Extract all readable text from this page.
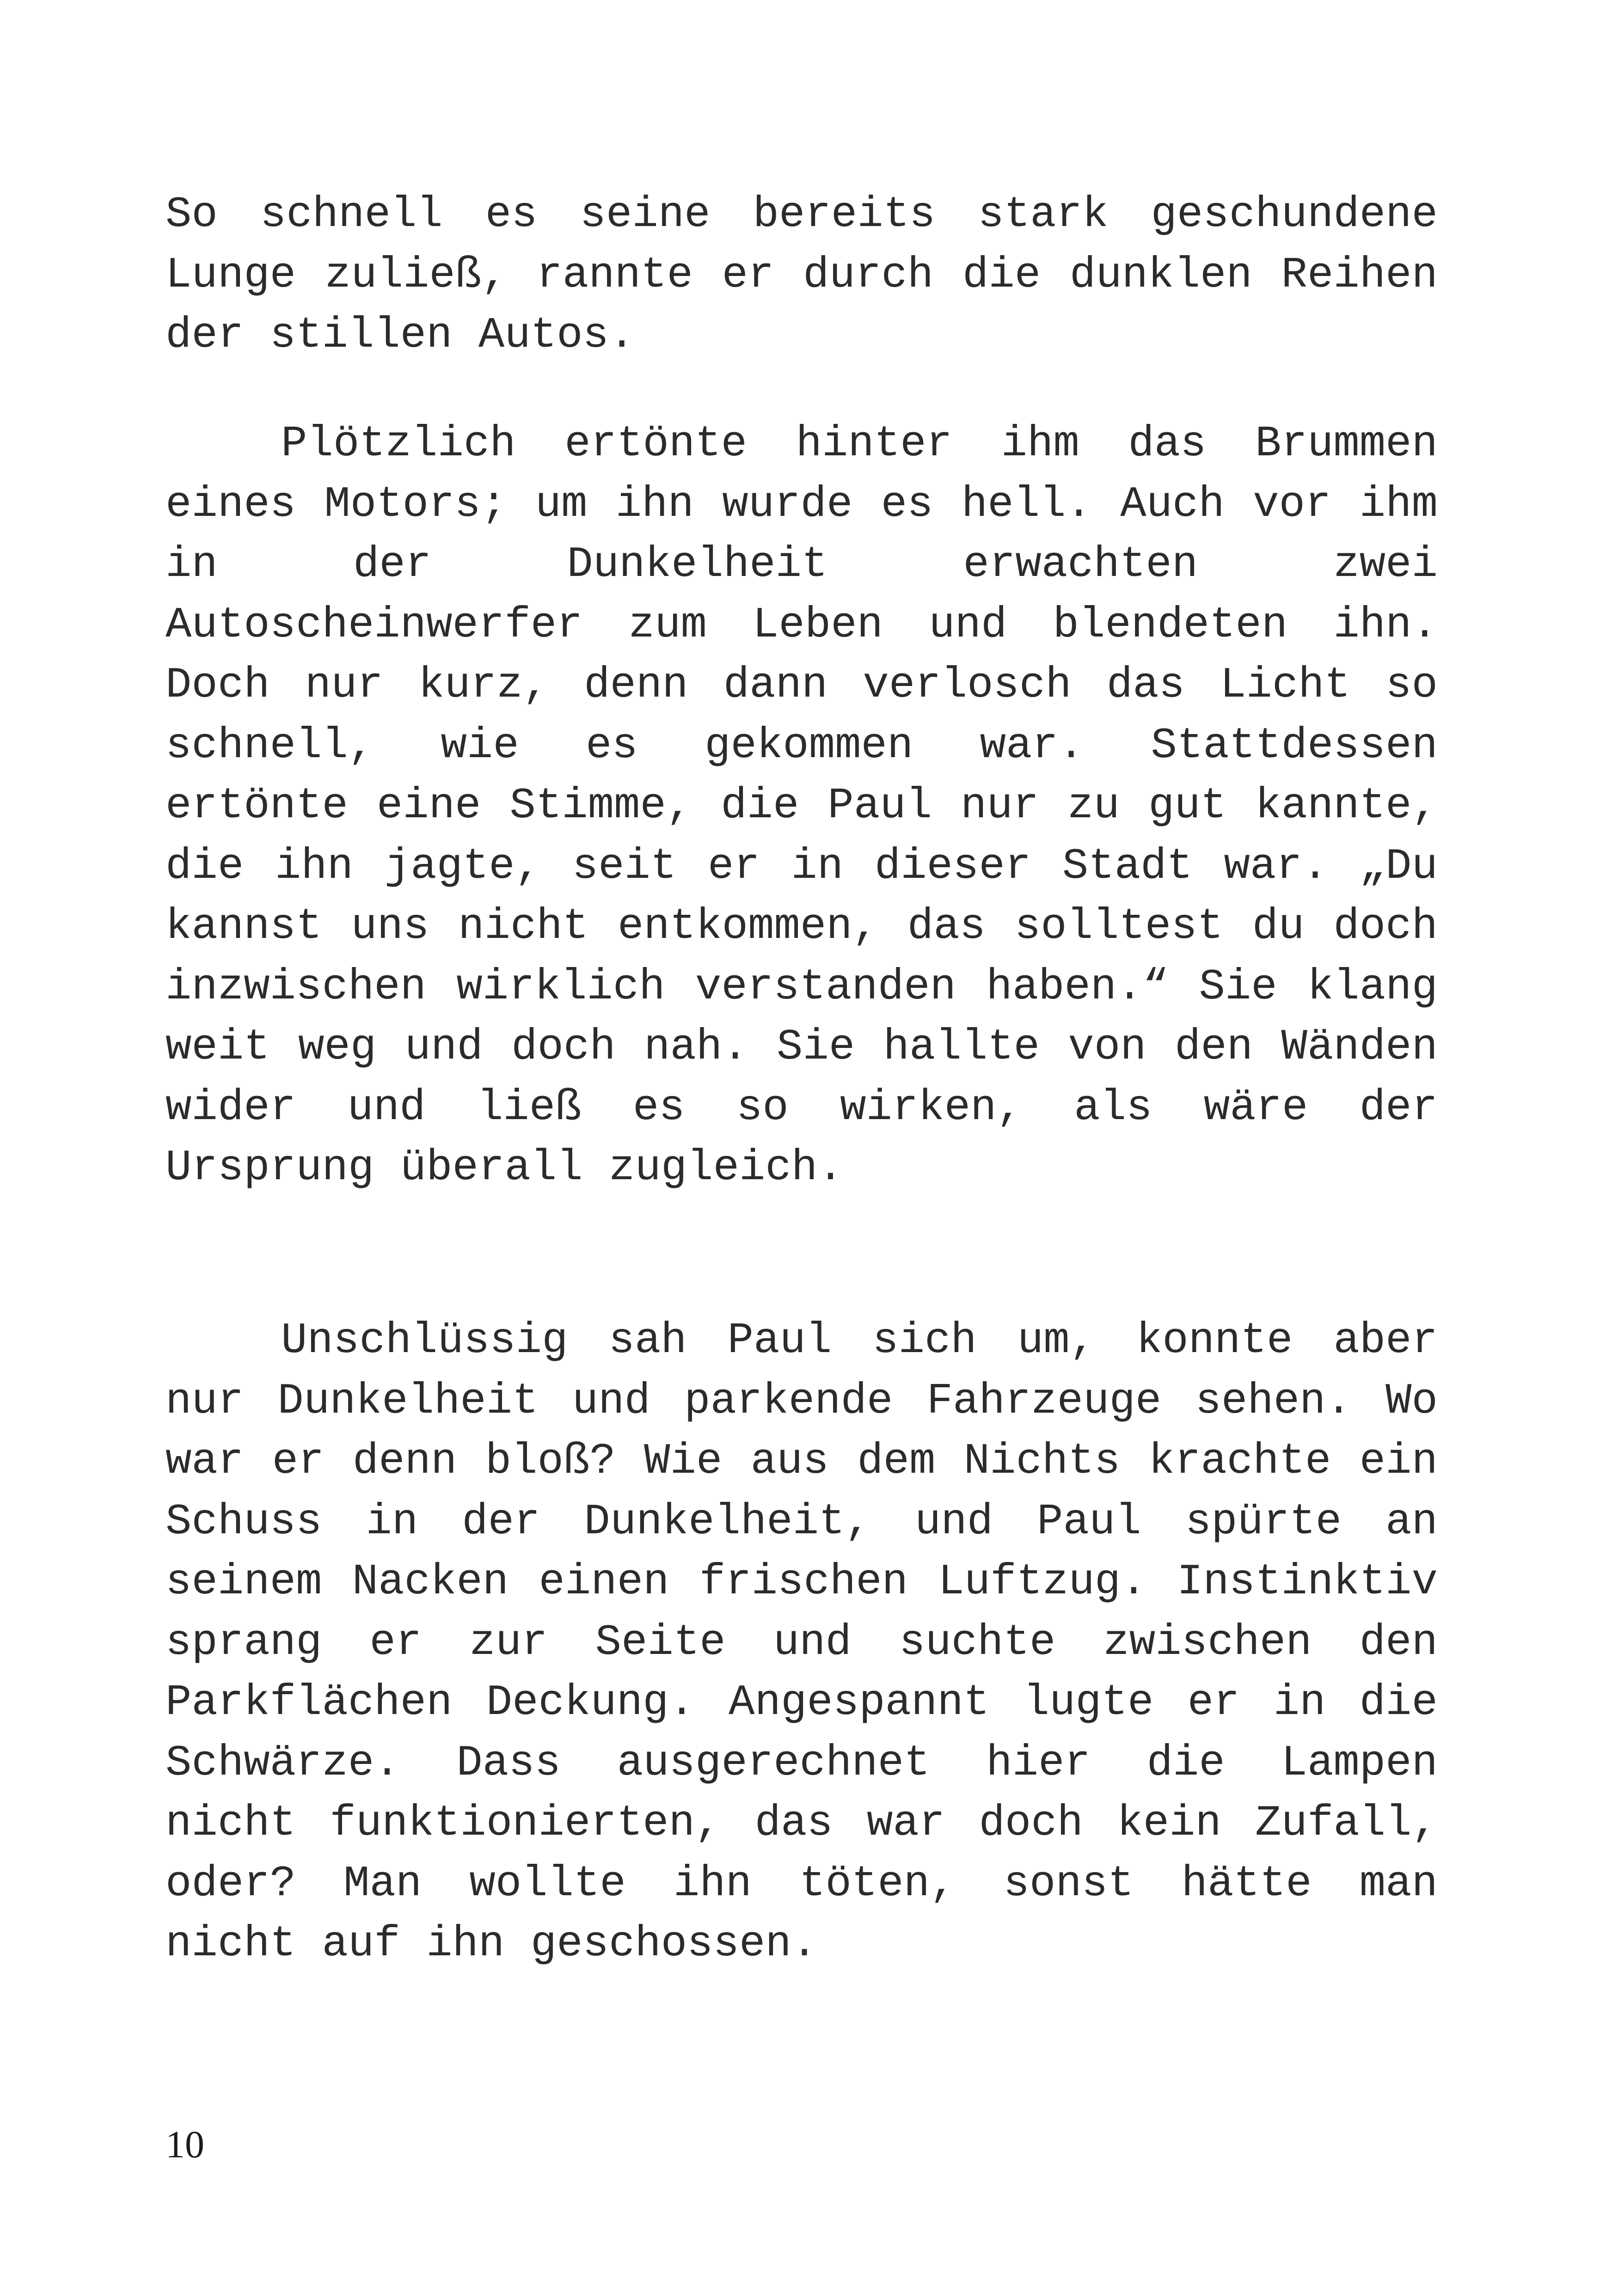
So schnell es seine bereits stark geschundene Lunge zuließ, rannte er durch die dunklen Reihen der stillen Autos.

Plötzlich ertönte hinter ihm das Brummen eines Motors; um ihn wurde es hell. Auch vor ihm in der Dunkelheit erwachten zwei Autoscheinwerfer zum Leben und blendeten ihn. Doch nur kurz, denn dann verlosch das Licht so schnell, wie es gekommen war. Stattdessen ertönte eine Stimme, die Paul nur zu gut kannte, die ihn jagte, seit er in dieser Stadt war. „Du kannst uns nicht entkommen, das solltest du doch inzwischen wirklich verstanden haben.“ Sie klang weit weg und doch nah. Sie hallte von den Wänden wider und ließ es so wirken, als wäre der Ursprung überall zugleich.

Unschlüssig sah Paul sich um, konnte aber nur Dunkelheit und parkende Fahrzeuge sehen. Wo war er denn bloß? Wie aus dem Nichts krachte ein Schuss in der Dunkelheit, und Paul spürte an seinem Nacken einen frischen Luftzug. Instinktiv sprang er zur Seite und suchte zwischen den Parkflächen Deckung. Angespannt lugte er in die Schwärze. Dass ausgerechnet hier die Lampen nicht funktionierten, das war doch kein Zufall, oder? Man wollte ihn töten, sonst hätte man nicht auf ihn geschossen.

10
